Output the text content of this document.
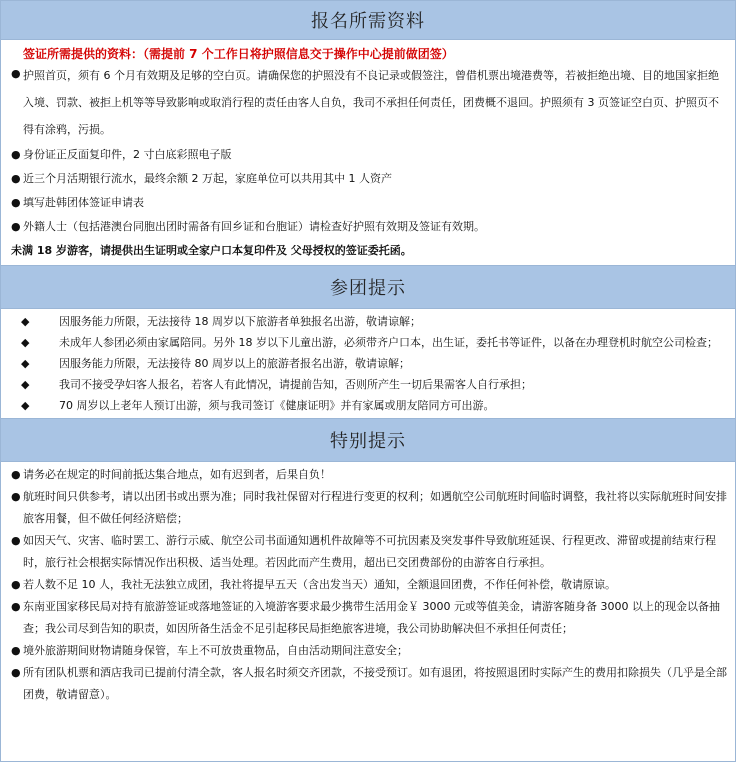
报名所需资料

签证所需提供的资料：（需提前 7 个工作日将护照信息交于操作中心提前做团签）

● 护照首页，须有 6 个月有效期及足够的空白页。请确保您的护照没有不良记录或假签注，曾借机票出境港费等，若被拒绝出境、目的地国家拒绝入境、罚款、被拒上机等等导致影响或取消行程的责任由客人自负，我司不承担任何责任，团费概不退回。护照须有 3 页签证空白页、护照页不得有涂鸦，污损。
● 身份证正反面复印件，2 寸白底彩照电子版
● 近三个月活期银行流水，最终余额 2 万起，家庭单位可以共用其中 1 人资产
● 填写赴韩团体签证申请表
● 外籍人士（包括港澳台同胞出团时需备有回乡证和台胞证）请检查好护照有效期及签证有效期。

未满 18 岁游客，请提供出生证明或全家户口本复印件及 父母授权的签证委托函。

参团提示
◆	因服务能力所限，无法接待 18 周岁以下旅游者单独报名出游，敬请谅解；
◆	未成年人参团必须由家属陪同。另外 18 岁以下儿童出游，必须带齐户口本，出生证，委托书等证件，以备在办理登机时航空公司检查；
◆	因服务能力所限，无法接待 80 周岁以上的旅游者报名出游，敬请谅解；
◆	我司不接受孕妇客人报名，若客人有此情况，请提前告知，否则所产生一切后果需客人自行承担；
◆	70 周岁以上老年人预订出游，须与我司签订《健康证明》并有家属或朋友陪同方可出游。
特别提示
● 请务必在规定的时间前抵达集合地点，如有迟到者，后果自负！
● 航班时间只供参考，请以出团书或出票为准；同时我社保留对行程进行变更的权利；如遇航空公司航班时间临时调整，我社将以实际航班时间安排旅客用餐，但不做任何经济赔偿；
● 如因天气、灾害、临时罢工、游行示威、航空公司书面通知遇机件故障等不可抗因素及突发事件导致航班延误、行程更改、滞留或提前结束行程时，旅行社会根据实际情况作出积极、适当处理。若因此而产生费用，超出已交团费部份的由游客自行承担。
● 若人数不足 10 人，我社无法独立成团，我社将提早五天（含出发当天）通知，全额退回团费，不作任何补偿，敬请原谅。
● 东南亚国家移民局对持有旅游签证或落地签证的入境游客要求最少携带生活用金￥ 3000 元或等值美金，请游客随身备 3000 以上的现金以备抽查；我公司尽到告知的职责，如因所备生活金不足引起移民局拒绝旅客进境，我公司协助解决但不承担任何责任；
● 境外旅游期间财物请随身保管，车上不可放贵重物品，自由活动期间注意安全；
● 所有团队机票和酒店我司已提前付清全款，客人报名时须交齐团款，不接受预订。如有退团，将按照退团时实际产生的费用扣除损失（几乎是全部团费，敬请留意）。
